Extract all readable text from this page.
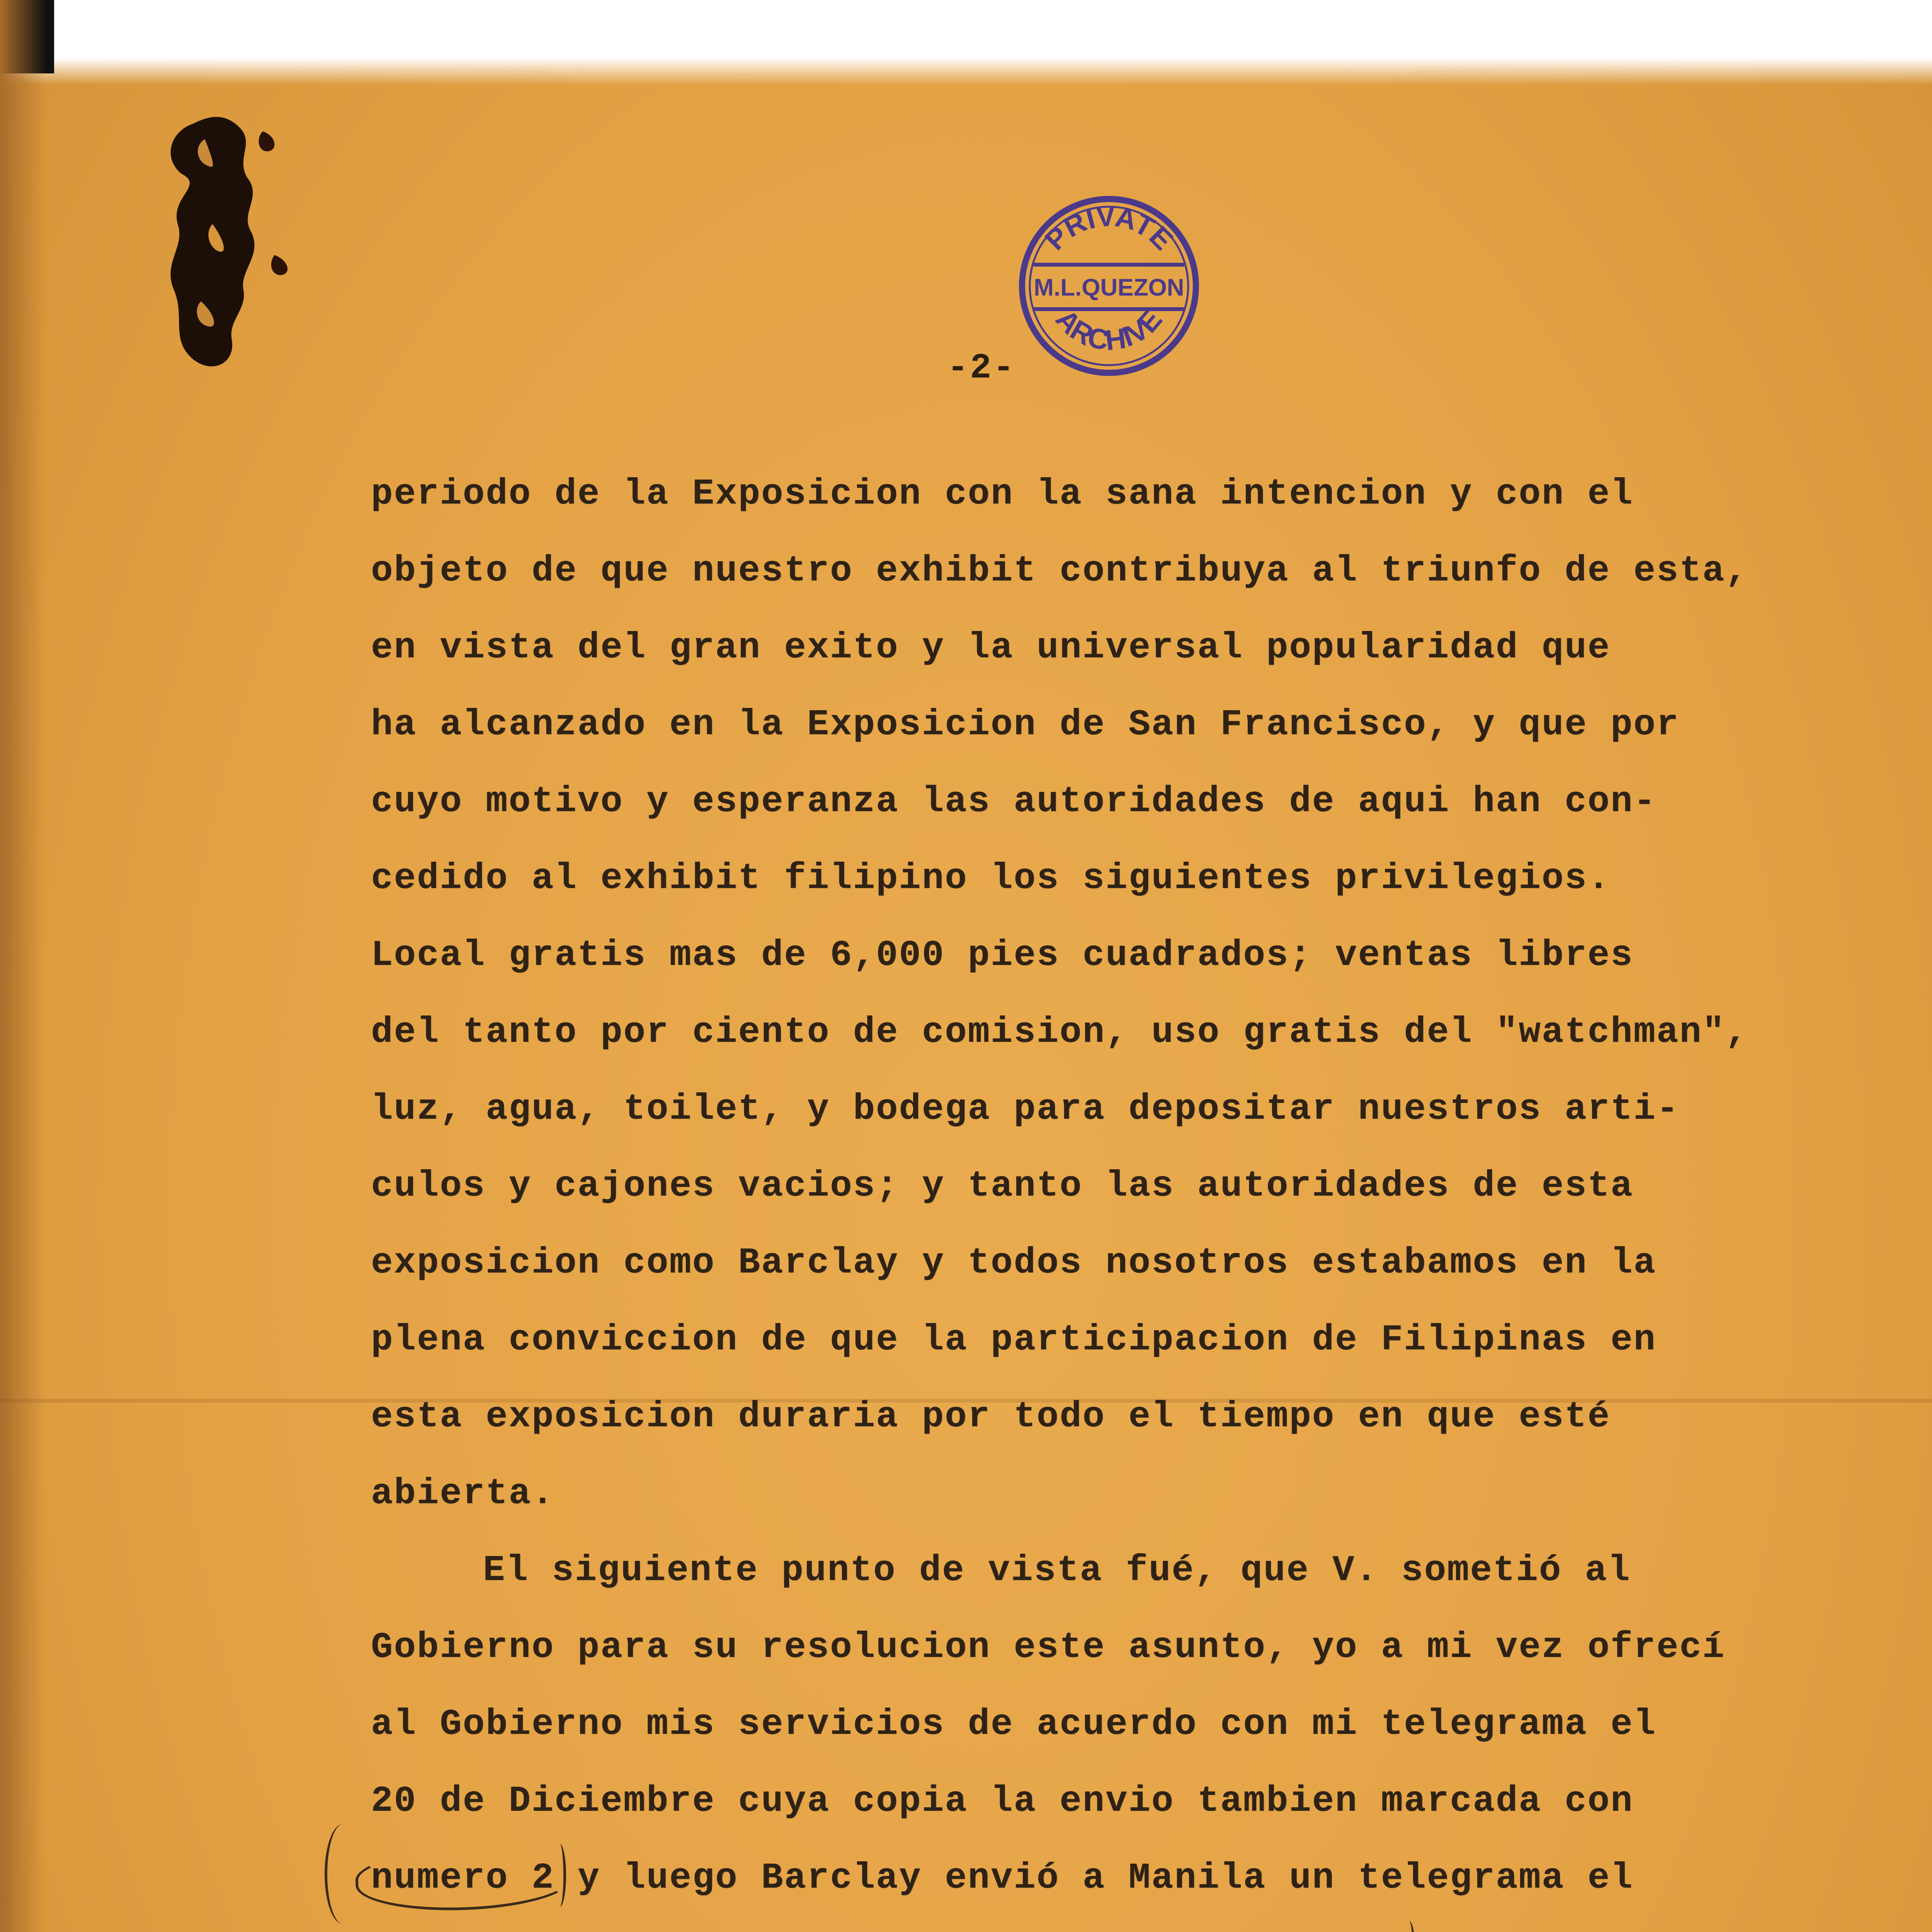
PRIVATE
M.L.QUEZON
ARCHIVE
-2-
periodo de la Exposicion con la sana intencion y con el
objeto de que nuestro exhibit contribuya al triunfo de esta,
en vista del gran exito y la universal popularidad que
ha alcanzado en la Exposicion de San Francisco, y que por
cuyo motivo y esperanza las autoridades de aqui han con-
cedido al exhibit filipino los siguientes privilegios.
Local gratis mas de 6,000 pies cuadrados; ventas libres
del tanto por ciento de comision, uso gratis del "watchman",
luz, agua, toilet, y bodega para depositar nuestros arti-
culos y cajones vacios; y tanto las autoridades de esta
exposicion como Barclay y todos nosotros estabamos en la
plena conviccion de que la participacion de Filipinas en
esta exposicion duraria por todo el tiempo en que esté
abierta.
El siguiente punto de vista fué, que V. sometió al
Gobierno para su resolucion este asunto, yo a mi vez ofrecí
al Gobierno mis servicios de acuerdo con mi telegrama el
20 de Diciembre cuya copia la envio tambien marcada con
numero 2 y luego Barclay envió a Manila un telegrama el
